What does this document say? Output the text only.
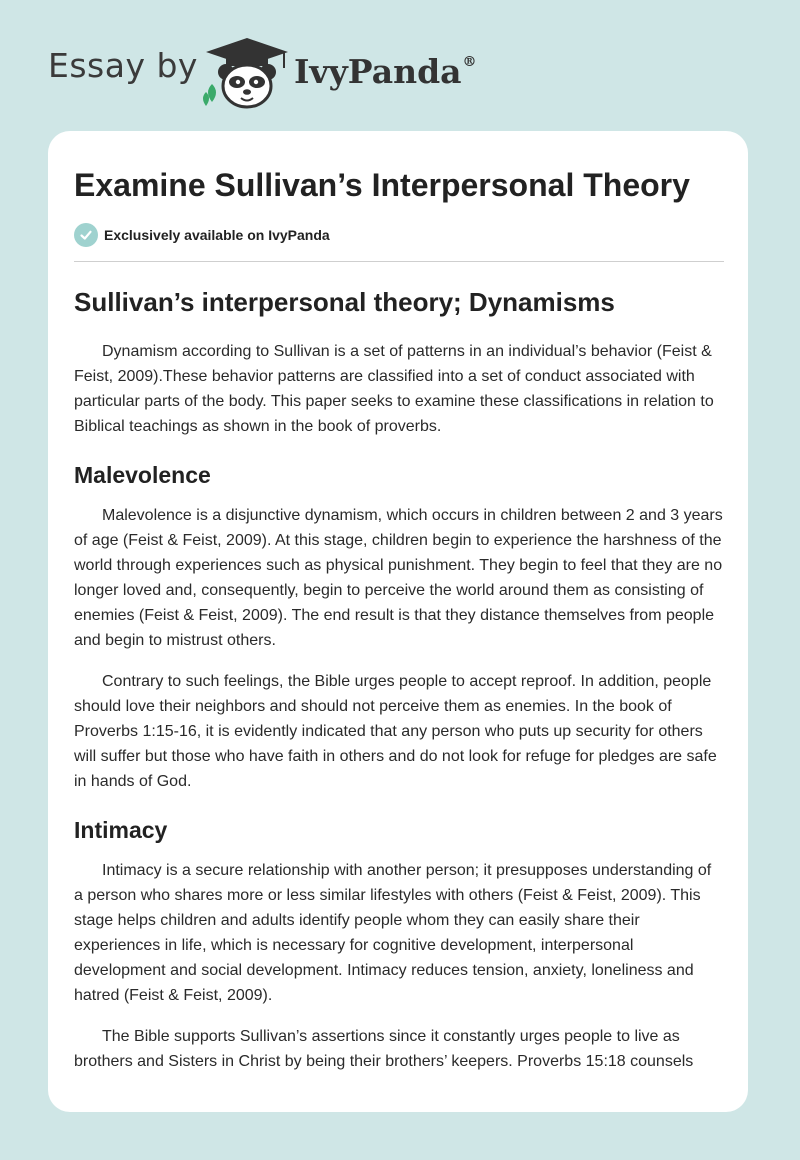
Essay by	IvyPanda®
Examine Sullivan’s Interpersonal Theory
Exclusively available on IvyPanda
Sullivan’s interpersonal theory; Dynamisms

Dynamism according to Sullivan is a set of patterns in an individual’s behavior (Feist & Feist, 2009).These behavior patterns are classified into a set of conduct associated with particular parts of the body. This paper seeks to examine these classifications in relation to Biblical teachings as shown in the book of proverbs.

Malevolence

Malevolence is a disjunctive dynamism, which occurs in children between 2 and 3 years of age (Feist & Feist, 2009). At this stage, children begin to experience the harshness of the world through experiences such as physical punishment. They begin to feel that they are no longer loved and, consequently, begin to perceive the world around them as consisting of enemies (Feist & Feist, 2009). The end result is that they distance themselves from people and begin to mistrust others.

Contrary to such feelings, the Bible urges people to accept reproof. In addition, people should love their neighbors and should not perceive them as enemies. In the book of Proverbs 1:15-16, it is evidently indicated that any person who puts up security for others will suffer but those who have faith in others and do not look for refuge for pledges are safe in hands of God.

Intimacy

Intimacy is a secure relationship with another person; it presupposes understanding of a person who shares more or less similar lifestyles with others (Feist & Feist, 2009). This stage helps children and adults identify people whom they can easily share their experiences in life, which is necessary for cognitive development, interpersonal development and social development. Intimacy reduces tension, anxiety, loneliness and hatred (Feist & Feist, 2009).

The Bible supports Sullivan’s assertions since it constantly urges people to live as brothers and Sisters in Christ by being their brothers’ keepers. Proverbs 15:18 counsels
